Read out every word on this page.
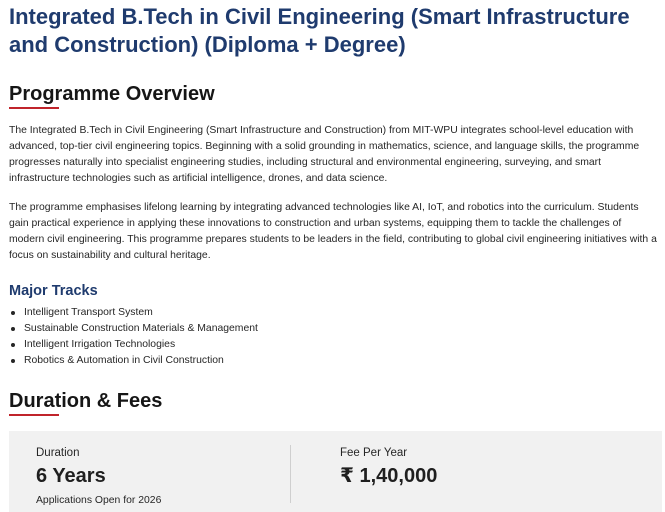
Integrated B.Tech in Civil Engineering (Smart Infrastructure and Construction) (Diploma + Degree)
Programme Overview

The Integrated B.Tech in Civil Engineering (Smart Infrastructure and Construction) from MIT-WPU integrates school-level education with advanced, top-tier civil engineering topics. Beginning with a solid grounding in mathematics, science, and language skills, the programme progresses naturally into specialist engineering studies, including structural and environmental engineering, surveying, and smart infrastructure technologies such as artificial intelligence, drones, and data science.

The programme emphasises lifelong learning by integrating advanced technologies like AI, IoT, and robotics into the curriculum. Students gain practical experience in applying these innovations to construction and urban systems, equipping them to tackle the challenges of modern civil engineering. This programme prepares students to be leaders in the field, contributing to global civil engineering initiatives with a focus on sustainability and cultural heritage.

Major Tracks
Intelligent Transport System
Sustainable Construction Materials & Management
Intelligent Irrigation Technologies
Robotics & Automation in Civil Construction
Duration & Fees
Duration
6 Years
Applications Open for 2026
Fee Per Year
₹ 1,40,000
